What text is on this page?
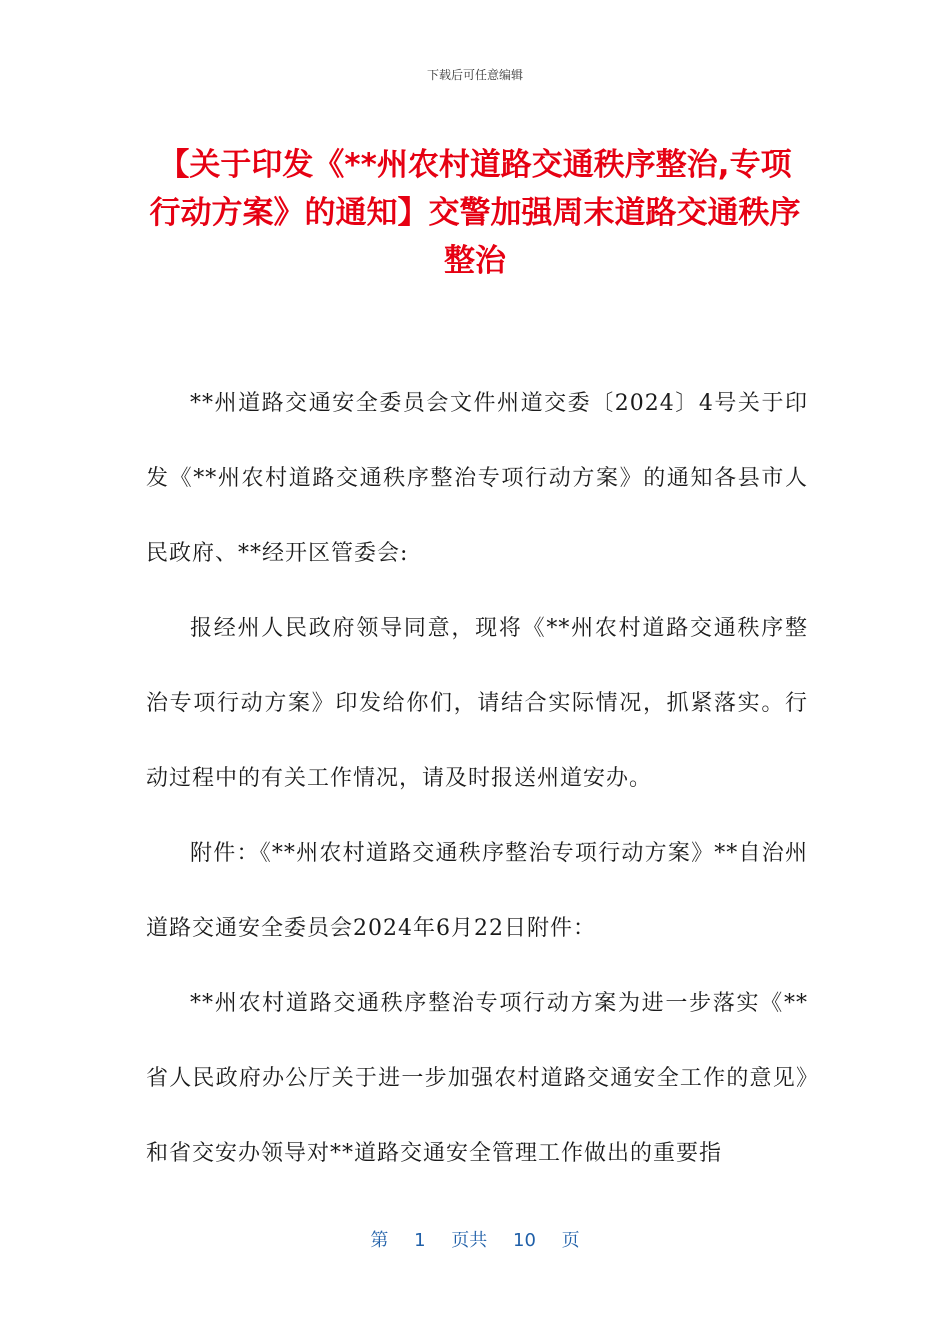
下载后可任意编辑
【关于印发《**州农村道路交通秩序整治,专项行动方案》的通知】交警加强周末道路交通秩序整治

**州道路交通安全委员会文件州道交委〔2024〕4号关于印发《**州农村道路交通秩序整治专项行动方案》的通知各县市人民政府、**经开区管委会:

报经州人民政府领导同意，现将《**州农村道路交通秩序整治专项行动方案》印发给你们，请结合实际情况，抓紧落实。行动过程中的有关工作情况，请及时报送州道安办。

附件：《**州农村道路交通秩序整治专项行动方案》**自治州道路交通安全委员会2024年6月22日附件：

**州农村道路交通秩序整治专项行动方案为进一步落实《**省人民政府办公厅关于进一步加强农村道路交通安全工作的意见》和省交安办领导对**道路交通安全管理工作做出的重要指

第 1 页共 10 页
